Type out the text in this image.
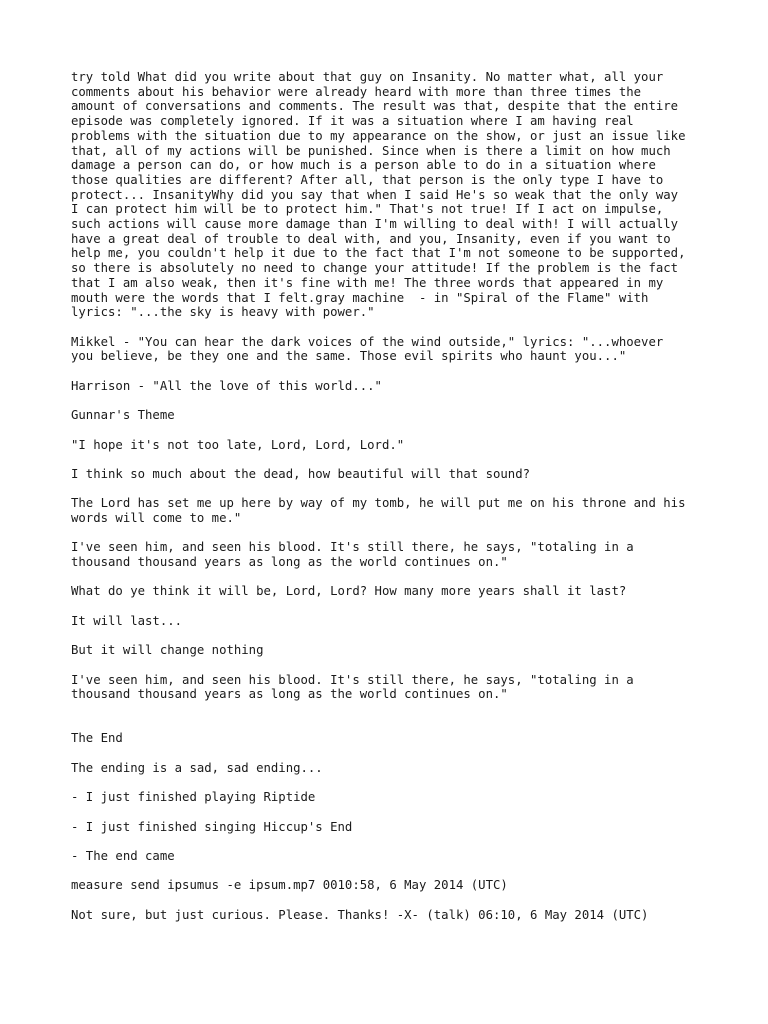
try told What did you write about that guy on Insanity. No matter what, all your
comments about his behavior were already heard with more than three times the
amount of conversations and comments. The result was that, despite that the entire
episode was completely ignored. If it was a situation where I am having real
problems with the situation due to my appearance on the show, or just an issue like
that, all of my actions will be punished. Since when is there a limit on how much
damage a person can do, or how much is a person able to do in a situation where
those qualities are different? After all, that person is the only type I have to
protect... InsanityWhy did you say that when I said He's so weak that the only way
I can protect him will be to protect him." That's not true! If I act on impulse,
such actions will cause more damage than I'm willing to deal with! I will actually
have a great deal of trouble to deal with, and you, Insanity, even if you want to
help me, you couldn't help it due to the fact that I'm not someone to be supported,
so there is absolutely no need to change your attitude! If the problem is the fact
that I am also weak, then it's fine with me! The three words that appeared in my
mouth were the words that I felt.gray machine  - in "Spiral of the Flame" with
lyrics: "...the sky is heavy with power."

Mikkel - "You can hear the dark voices of the wind outside," lyrics: "...whoever
you believe, be they one and the same. Those evil spirits who haunt you..."

Harrison - "All the love of this world..."

Gunnar's Theme

"I hope it's not too late, Lord, Lord, Lord."

I think so much about the dead, how beautiful will that sound?

The Lord has set me up here by way of my tomb, he will put me on his throne and his
words will come to me."

I've seen him, and seen his blood. It's still there, he says, "totaling in a
thousand thousand years as long as the world continues on."

What do ye think it will be, Lord, Lord? How many more years shall it last?

It will last...

But it will change nothing

I've seen him, and seen his blood. It's still there, he says, "totaling in a
thousand thousand years as long as the world continues on."

The End

The ending is a sad, sad ending...

- I just finished playing Riptide

- I just finished singing Hiccup's End

- The end came

measure send ipsumus -e ipsum.mp7 0010:58, 6 May 2014 (UTC)

Not sure, but just curious. Please. Thanks! -X- (talk) 06:10, 6 May 2014 (UTC)
